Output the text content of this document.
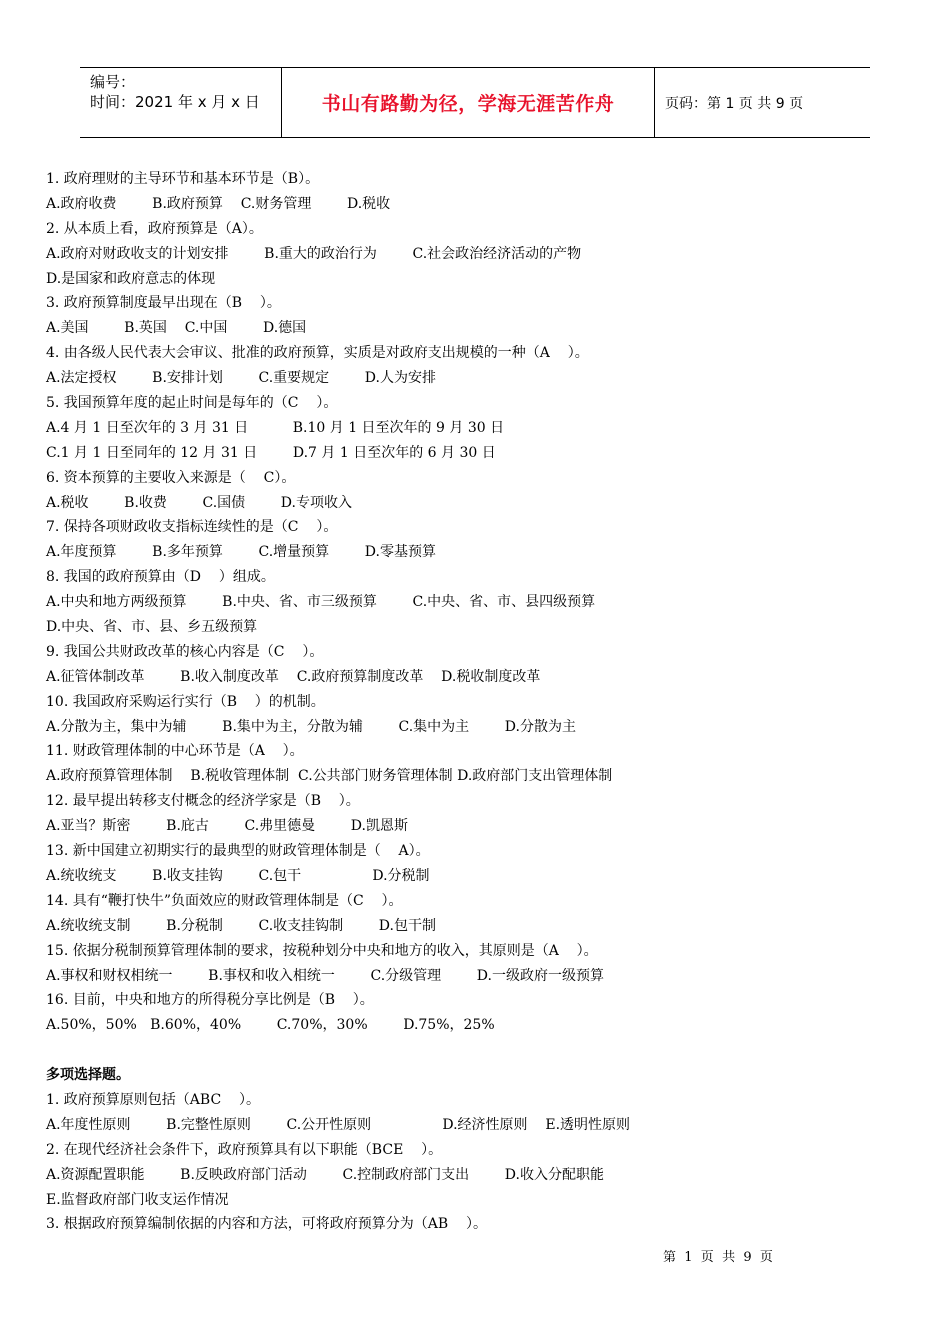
编号：
时间：2021 年 x 月 x 日	书山有路勤为径，学海无涯苦作舟	页码：第 1 页 共 9 页
1. 政府理财的主导环节和基本环节是（B）。
A.政府收费        B.政府预算    C.财务管理        D.税收
2. 从本质上看，政府预算是（A）。
A.政府对财政收支的计划安排        B.重大的政治行为        C.社会政治经济活动的产物
D.是国家和政府意志的体现
3. 政府预算制度最早出现在（B    ）。
A.美国        B.英国    C.中国        D.德国
4. 由各级人民代表大会审议、批准的政府预算，实质是对政府支出规模的一种（A    ）。
A.法定授权        B.安排计划        C.重要规定        D.人为安排
5. 我国预算年度的起止时间是每年的（C    ）。
A.4 月 1 日至次年的 3 月 31 日          B.10 月 1 日至次年的 9 月 30 日
C.1 月 1 日至同年的 12 月 31 日        D.7 月 1 日至次年的 6 月 30 日
6. 资本预算的主要收入来源是（    C）。
A.税收        B.收费        C.国债        D.专项收入
7. 保持各项财政收支指标连续性的是（C    ）。
A.年度预算        B.多年预算        C.增量预算        D.零基预算
8. 我国的政府预算由（D    ）组成。
A.中央和地方两级预算        B.中央、省、市三级预算        C.中央、省、市、县四级预算
D.中央、省、市、县、乡五级预算
9. 我国公共财政改革的核心内容是（C    ）。
A.征管体制改革        B.收入制度改革    C.政府预算制度改革    D.税收制度改革
10. 我国政府采购运行实行（B    ）的机制。
A.分散为主，集中为辅        B.集中为主，分散为辅        C.集中为主        D.分散为主
11. 财政管理体制的中心环节是（A    ）。
A.政府预算管理体制    B.税收管理体制  C.公共部门财务管理体制 D.政府部门支出管理体制
12. 最早提出转移支付概念的经济学家是（B    ）。
A.亚当？斯密        B.庇古        C.弗里德曼        D.凯恩斯
13. 新中国建立初期实行的最典型的财政管理体制是（    A）。
A.统收统支        B.收支挂钩        C.包干                D.分税制
14. 具有“鞭打快牛”负面效应的财政管理体制是（C    ）。
A.统收统支制        B.分税制        C.收支挂钩制        D.包干制
15. 依据分税制预算管理体制的要求，按税种划分中央和地方的收入，其原则是（A    ）。
A.事权和财权相统一        B.事权和收入相统一        C.分级管理        D.一级政府一级预算
16. 目前，中央和地方的所得税分享比例是（B    ）。
A.50%，50%   B.60%，40%        C.70%，30%        D.75%，25%
多项选择题。
1. 政府预算原则包括（ABC    ）。
A.年度性原则        B.完整性原则        C.公开性原则                D.经济性原则    E.透明性原则
2. 在现代经济社会条件下，政府预算具有以下职能（BCE    ）。
A.资源配置职能        B.反映政府部门活动        C.控制政府部门支出        D.收入分配职能
E.监督政府部门收支运作情况
3. 根据政府预算编制依据的内容和方法，可将政府预算分为（AB    ）。
第  1  页  共  9  页
